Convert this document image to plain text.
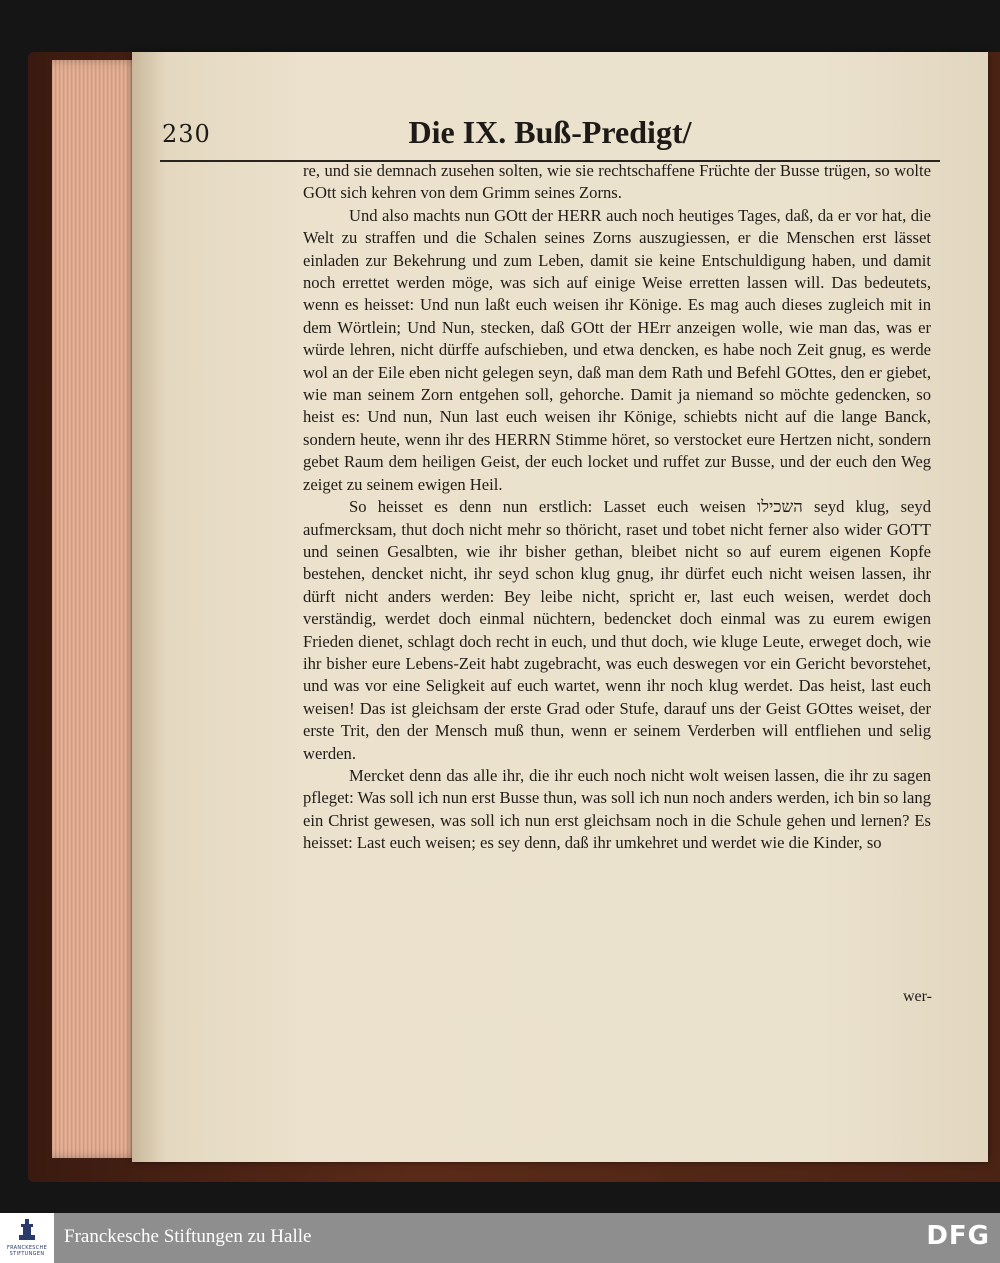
230	Die IX. Buß-Predigt/

re, und sie demnach zusehen solten, wie sie rechtschaffene Früchte der Busse trügen, so wolte GOtt sich kehren von dem Grimm seines Zorns.

Und also machts nun GOtt der HERR auch noch heutiges Tages, daß, da er vor hat, die Welt zu straffen und die Schalen seines Zorns auszugiessen, er die Menschen erst lässet einladen zur Bekehrung und zum Leben, damit sie keine Entschuldigung haben, und damit noch errettet werden möge, was sich auf einige Weise erretten lassen will. Das bedeutets, wenn es heisset: Und nun laßt euch weisen ihr Könige. Es mag auch dieses zugleich mit in dem Wörtlein; Und Nun, stecken, daß GOtt der HErr anzeigen wolle, wie man das, was er würde lehren, nicht dürffe aufschieben, und etwa dencken, es habe noch Zeit gnug, es werde wol an der Eile eben nicht gelegen seyn, daß man dem Rath und Befehl GOttes, den er giebet, wie man seinem Zorn entgehen soll, gehorche. Damit ja niemand so möchte gedencken, so heist es: Und nun, Nun last euch weisen ihr Könige, schiebts nicht auf die lange Banck, sondern heute, wenn ihr des HERRN Stimme höret, so verstocket eure Hertzen nicht, sondern gebet Raum dem heiligen Geist, der euch locket und ruffet zur Busse, und der euch den Weg zeiget zu seinem ewigen Heil.

So heisset es denn nun erstlich: Lasset euch weisen השכילו seyd klug, seyd aufmercksam, thut doch nicht mehr so thöricht, raset und tobet nicht ferner also wider GOTT und seinen Gesalbten, wie ihr bisher gethan, bleibet nicht so auf eurem eigenen Kopfe bestehen, dencket nicht, ihr seyd schon klug gnug, ihr dürfet euch nicht weisen lassen, ihr dürft nicht anders werden: Bey leibe nicht, spricht er, last euch weisen, werdet doch verständig, werdet doch einmal nüchtern, bedencket doch einmal was zu eurem ewigen Frieden dienet, schlagt doch recht in euch, und thut doch, wie kluge Leute, erweget doch, wie ihr bisher eure Lebens-Zeit habt zugebracht, was euch deswegen vor ein Gericht bevorstehet, und was vor eine Seligkeit auf euch wartet, wenn ihr noch klug werdet. Das heist, last euch weisen! Das ist gleichsam der erste Grad oder Stufe, darauf uns der Geist GOttes weiset, der erste Trit, den der Mensch muß thun, wenn er seinem Verderben will entfliehen und selig werden.

Mercket denn das alle ihr, die ihr euch noch nicht wolt weisen lassen, die ihr zu sagen pfleget: Was soll ich nun erst Busse thun, was soll ich nun noch anders werden, ich bin so lang ein Christ gewesen, was soll ich nun erst gleichsam noch in die Schule gehen und lernen? Es heisset: Last euch weisen; es sey denn, daß ihr umkehret und werdet wie die Kinder, so

wer-
FRANCKESCHE STIFTUNGEN
Franckesche Stiftungen zu Halle	DFG
